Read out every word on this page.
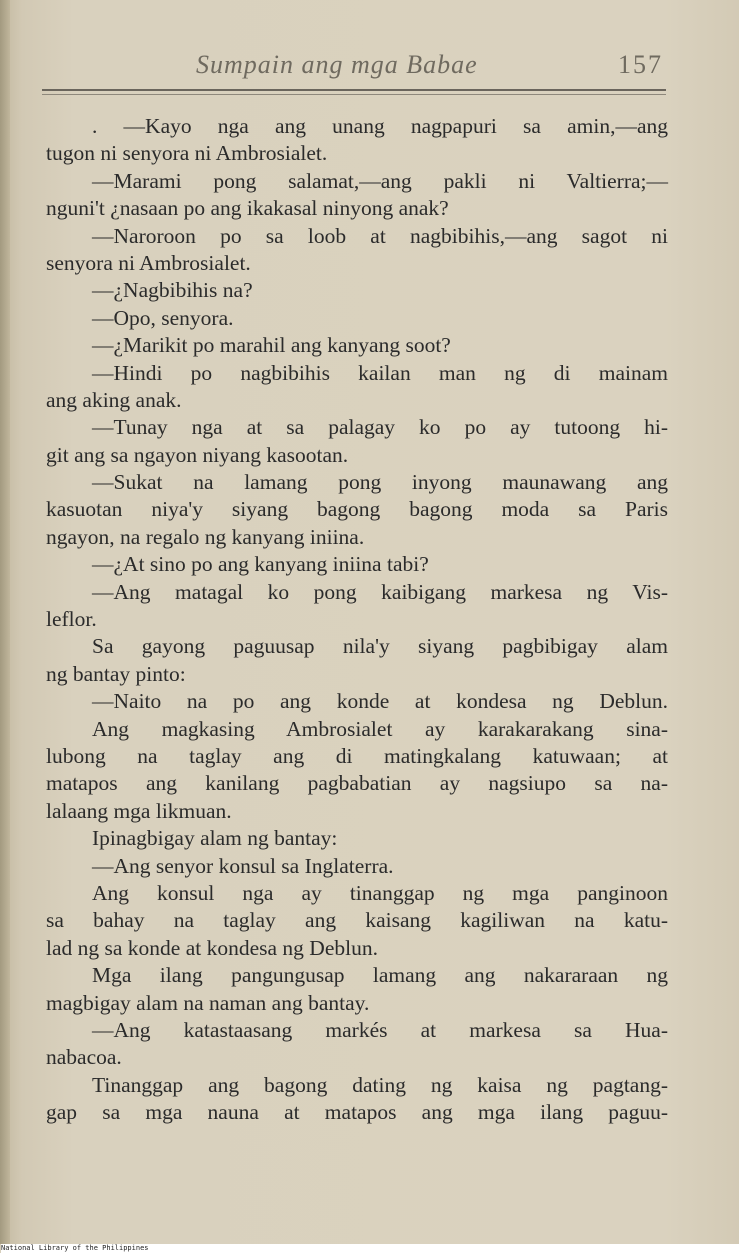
Sumpain ang mga Babae	157
. —Kayo nga ang unang nagpapuri sa amin,—ang
tugon ni senyora ni Ambrosialet.
—Marami pong salamat,—ang pakli ni Valtierra;—
nguni't ¿nasaan po ang ikakasal ninyong anak?
—Naroroon po sa loob at nagbibihis,—ang sagot ni
senyora ni Ambrosialet.
—¿Nagbibihis na?
—Opo, senyora.
—¿Marikit po marahil ang kanyang soot?
—Hindi po nagbibihis kailan man ng di mainam
ang aking anak.
—Tunay nga at sa palagay ko po ay tutoong hi-
git ang sa ngayon niyang kasootan.
—Sukat na lamang pong inyong maunawang ang
kasuotan niya'y siyang bagong bagong moda sa Paris
ngayon, na regalo ng kanyang iniina.
—¿At sino po ang kanyang iniina tabi?
—Ang matagal ko pong kaibigang markesa ng Vis-
leflor.
Sa gayong paguusap nila'y siyang pagbibigay alam
ng bantay pinto:
—Naito na po ang konde at kondesa ng Deblun.
Ang magkasing Ambrosialet ay karakarakang sina-
lubong na taglay ang di matingkalang katuwaan; at
matapos ang kanilang pagbabatian ay nagsiupo sa na-
lalaang mga likmuan.
Ipinagbigay alam ng bantay:
—Ang senyor konsul sa Inglaterra.
Ang konsul nga ay tinanggap ng mga panginoon
sa bahay na taglay ang kaisang kagiliwan na katu-
lad ng sa konde at kondesa ng Deblun.
Mga ilang pangungusap lamang ang nakararaan ng
magbigay alam na naman ang bantay.
—Ang katastaasang markés at markesa sa Hua-
nabacoa.
Tinanggap ang bagong dating ng kaisa ng pagtang-
gap sa mga nauna at matapos ang mga ilang paguu-
National Library of the Philippines
